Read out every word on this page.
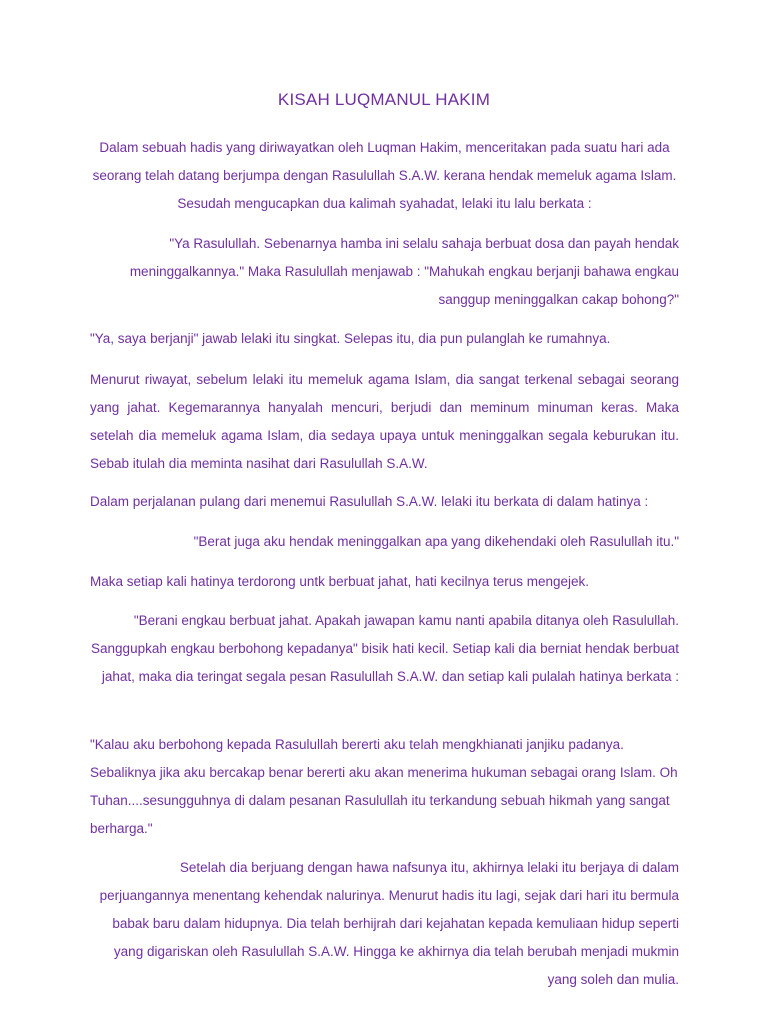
KISAH LUQMANUL HAKIM

Dalam sebuah hadis yang diriwayatkan oleh Luqman Hakim, menceritakan pada suatu hari ada seorang telah datang berjumpa dengan Rasulullah S.A.W. kerana hendak memeluk agama Islam. Sesudah mengucapkan dua kalimah syahadat, lelaki itu lalu berkata :

"Ya Rasulullah. Sebenarnya hamba ini selalu sahaja berbuat dosa dan payah hendak meninggalkannya." Maka Rasulullah menjawab : "Mahukah engkau berjanji bahawa engkau sanggup meninggalkan cakap bohong?"

"Ya, saya berjanji" jawab lelaki itu singkat. Selepas itu, dia pun pulanglah ke rumahnya.

Menurut riwayat, sebelum lelaki itu memeluk agama Islam, dia sangat terkenal sebagai seorang yang jahat. Kegemarannya hanyalah mencuri, berjudi dan meminum minuman keras. Maka setelah dia memeluk agama Islam, dia sedaya upaya untuk meninggalkan segala keburukan itu. Sebab itulah dia meminta nasihat dari Rasulullah S.A.W.

Dalam perjalanan pulang dari menemui Rasulullah S.A.W. lelaki itu berkata di dalam hatinya :

"Berat juga aku hendak meninggalkan apa yang dikehendaki oleh Rasulullah itu."

Maka setiap kali hatinya terdorong untk berbuat jahat, hati kecilnya terus mengejek.

"Berani engkau berbuat jahat. Apakah jawapan kamu nanti apabila ditanya oleh Rasulullah. Sanggupkah engkau berbohong kepadanya" bisik hati kecil. Setiap kali dia berniat hendak berbuat jahat, maka dia teringat segala pesan Rasulullah S.A.W. dan setiap kali pulalah hatinya berkata :

"Kalau aku berbohong kepada Rasulullah bererti aku telah mengkhianati janjiku padanya. Sebaliknya jika aku bercakap benar bererti aku akan menerima hukuman sebagai orang Islam. Oh Tuhan....sesungguhnya di dalam pesanan Rasulullah itu terkandung sebuah hikmah yang sangat berharga."

Setelah dia berjuang dengan hawa nafsunya itu, akhirnya lelaki itu berjaya di dalam perjuangannya menentang kehendak nalurinya. Menurut hadis itu lagi, sejak dari hari itu bermula babak baru dalam hidupnya. Dia telah berhijrah dari kejahatan kepada kemuliaan hidup seperti yang digariskan oleh Rasulullah S.A.W. Hingga ke akhirnya dia telah berubah menjadi mukmin yang soleh dan mulia.
